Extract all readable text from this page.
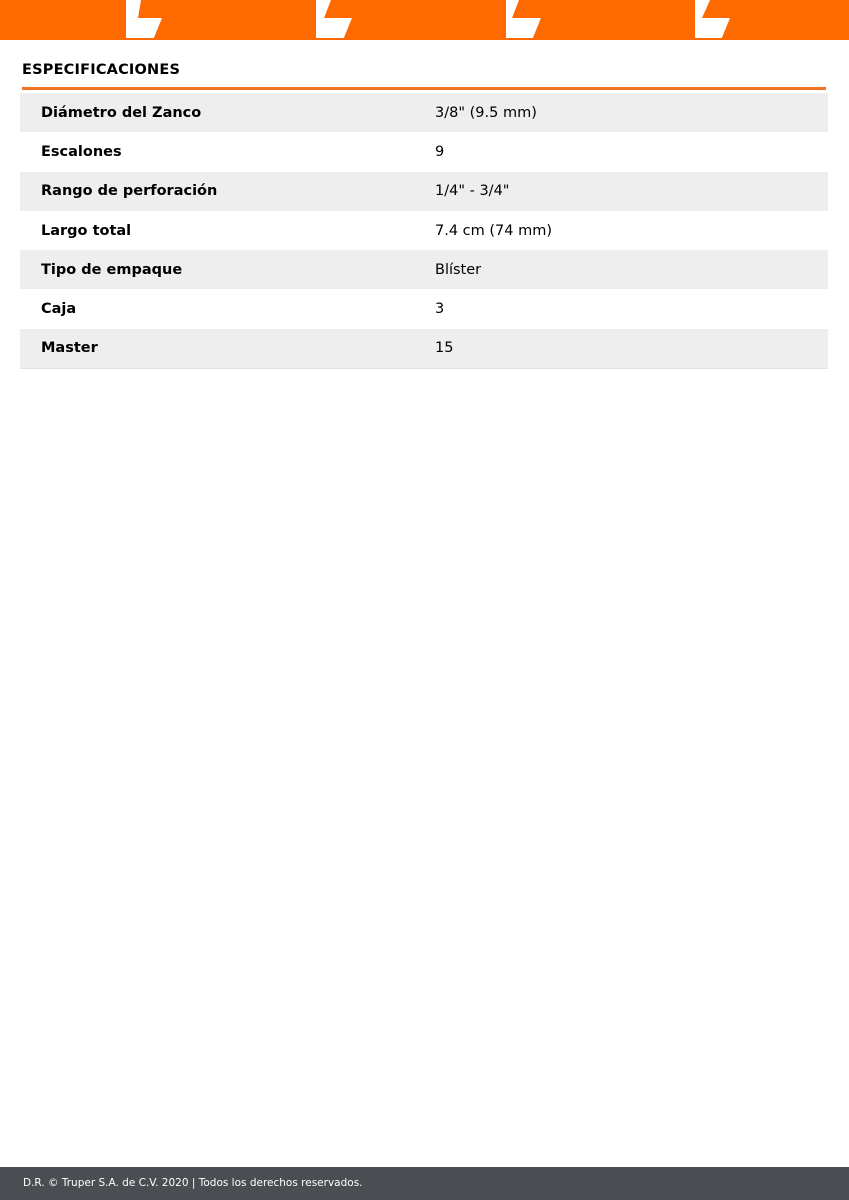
ESPECIFICACIONES
Diámetro del Zanco	3/8" (9.5 mm)
Escalones	9
Rango de perforación	1/4" - 3/4"
Largo total	7.4 cm (74 mm)
Tipo de empaque	Blíster
Caja	3
Master	15
D.R. © Truper S.A. de C.V. 2020 | Todos los derechos reservados.
